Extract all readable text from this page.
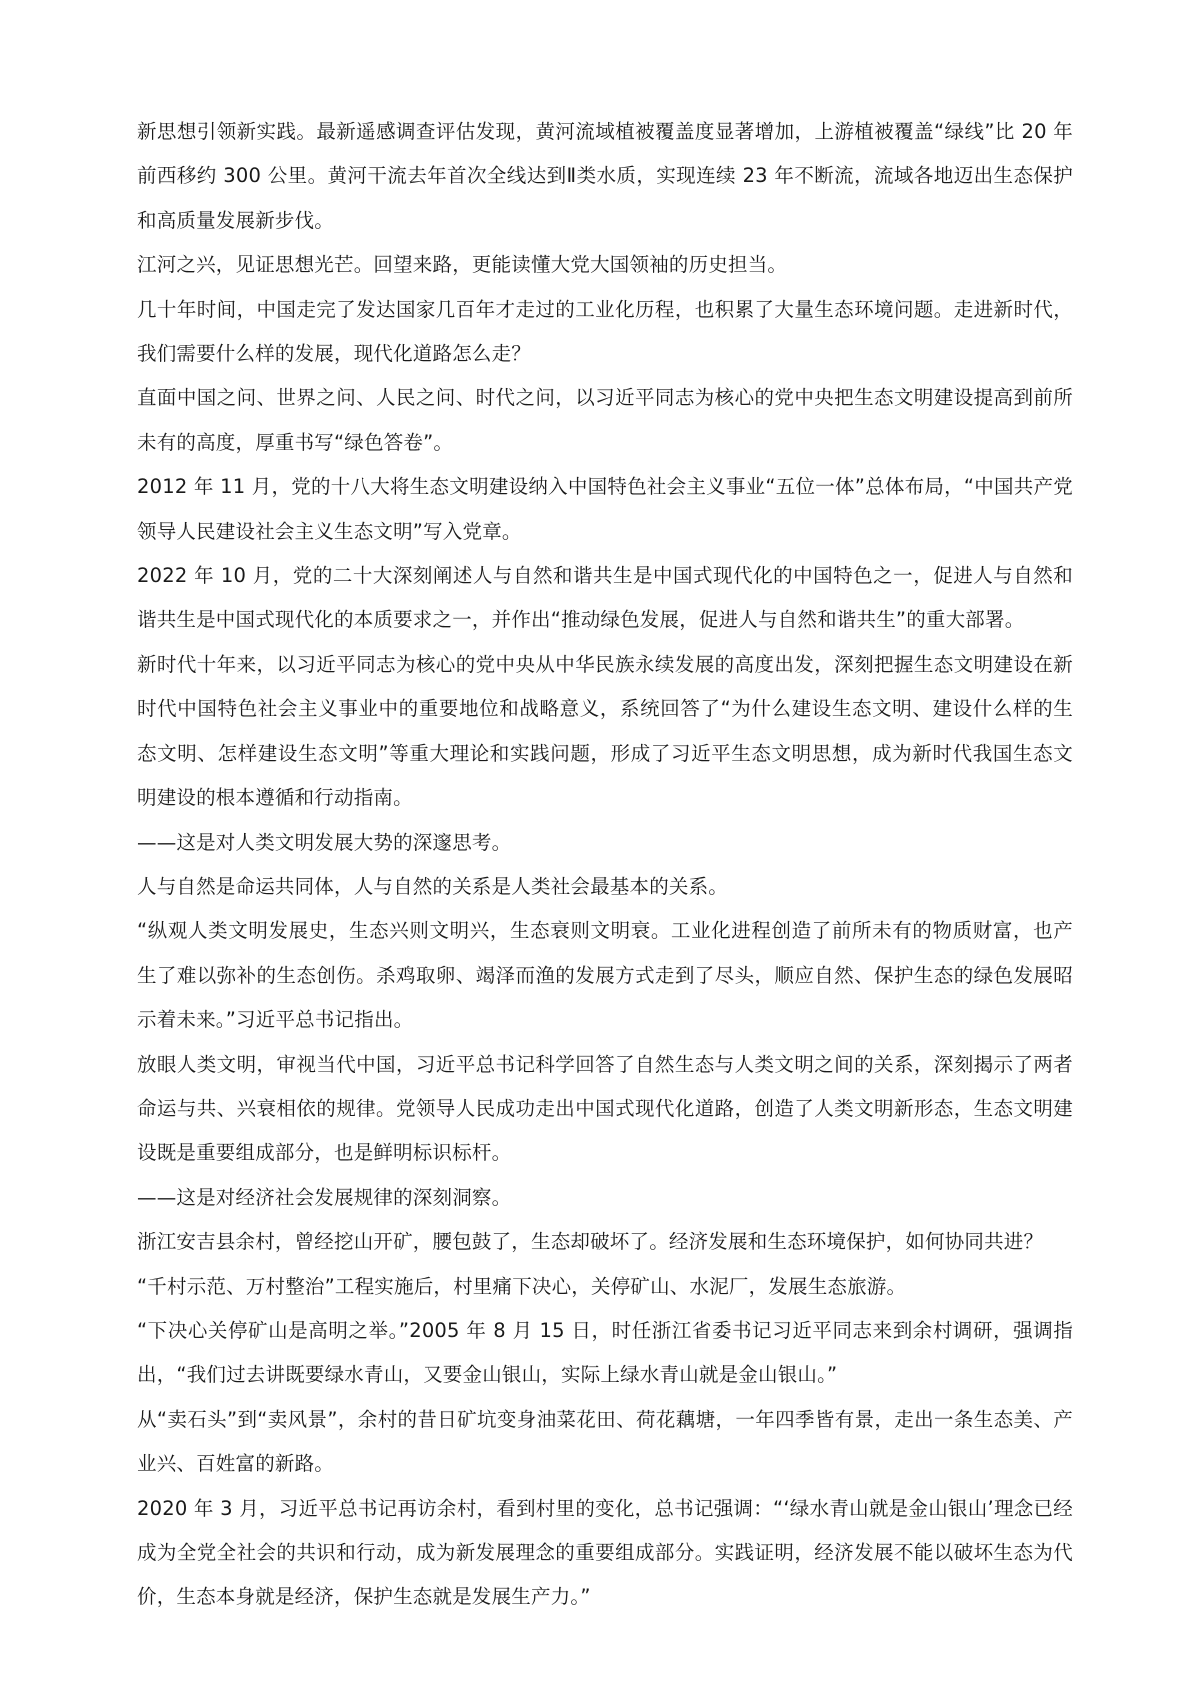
新思想引领新实践。最新遥感调查评估发现，黄河流域植被覆盖度显著增加，上游植被覆盖“绿线”比 20 年前西移约 300 公里。黄河干流去年首次全线达到Ⅱ类水质，实现连续 23 年不断流，流域各地迈出生态保护和高质量发展新步伐。

江河之兴，见证思想光芒。回望来路，更能读懂大党大国领袖的历史担当。

几十年时间，中国走完了发达国家几百年才走过的工业化历程，也积累了大量生态环境问题。走进新时代，我们需要什么样的发展，现代化道路怎么走？

直面中国之问、世界之问、人民之问、时代之问，以习近平同志为核心的党中央把生态文明建设提高到前所未有的高度，厚重书写“绿色答卷”。

2012 年 11 月，党的十八大将生态文明建设纳入中国特色社会主义事业“五位一体”总体布局，“中国共产党领导人民建设社会主义生态文明”写入党章。

2022 年 10 月，党的二十大深刻阐述人与自然和谐共生是中国式现代化的中国特色之一，促进人与自然和谐共生是中国式现代化的本质要求之一，并作出“推动绿色发展，促进人与自然和谐共生”的重大部署。

新时代十年来，以习近平同志为核心的党中央从中华民族永续发展的高度出发，深刻把握生态文明建设在新时代中国特色社会主义事业中的重要地位和战略意义，系统回答了“为什么建设生态文明、建设什么样的生态文明、怎样建设生态文明”等重大理论和实践问题，形成了习近平生态文明思想，成为新时代我国生态文明建设的根本遵循和行动指南。

——这是对人类文明发展大势的深邃思考。

人与自然是命运共同体，人与自然的关系是人类社会最基本的关系。

“纵观人类文明发展史，生态兴则文明兴，生态衰则文明衰。工业化进程创造了前所未有的物质财富，也产生了难以弥补的生态创伤。杀鸡取卵、竭泽而渔的发展方式走到了尽头，顺应自然、保护生态的绿色发展昭示着未来。”习近平总书记指出。

放眼人类文明，审视当代中国，习近平总书记科学回答了自然生态与人类文明之间的关系，深刻揭示了两者命运与共、兴衰相依的规律。党领导人民成功走出中国式现代化道路，创造了人类文明新形态，生态文明建设既是重要组成部分，也是鲜明标识标杆。

——这是对经济社会发展规律的深刻洞察。

浙江安吉县余村，曾经挖山开矿，腰包鼓了，生态却破坏了。经济发展和生态环境保护，如何协同共进？

“千村示范、万村整治”工程实施后，村里痛下决心，关停矿山、水泥厂，发展生态旅游。

“下决心关停矿山是高明之举。”2005 年 8 月 15 日，时任浙江省委书记习近平同志来到余村调研，强调指出，“我们过去讲既要绿水青山，又要金山银山，实际上绿水青山就是金山银山。”

从“卖石头”到“卖风景”，余村的昔日矿坑变身油菜花田、荷花藕塘，一年四季皆有景，走出一条生态美、产业兴、百姓富的新路。

2020 年 3 月，习近平总书记再访余村，看到村里的变化，总书记强调：“‘绿水青山就是金山银山’理念已经成为全党全社会的共识和行动，成为新发展理念的重要组成部分。实践证明，经济发展不能以破坏生态为代价，生态本身就是经济，保护生态就是发展生产力。”
